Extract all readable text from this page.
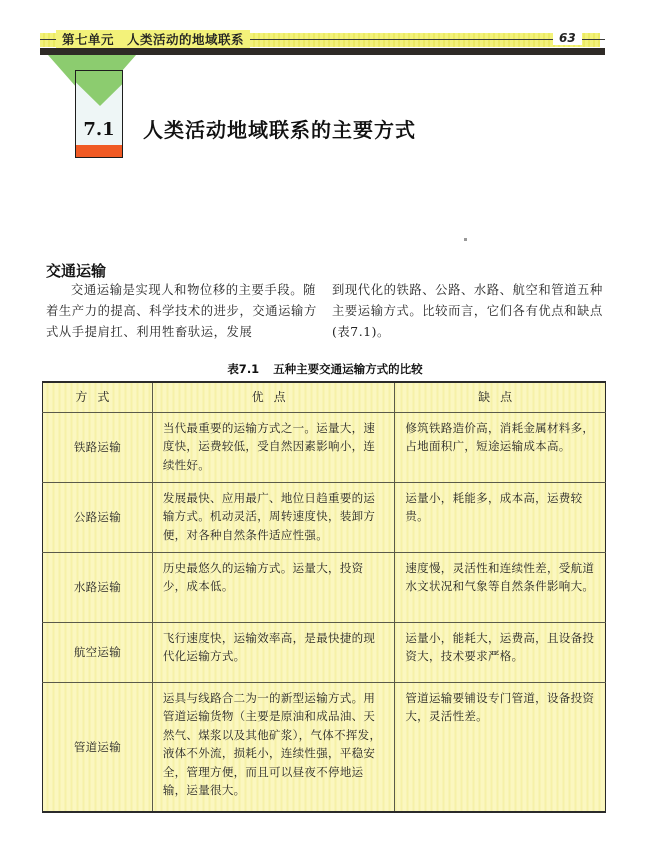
第七单元　人类活动的地域联系	63
7.1	人类活动地域联系的主要方式
交通运输
交通运输是实现人和物位移的主要手段。随着生产力的提高、科学技术的进步，交通运输方式从手提肩扛、利用牲畜驮运，发展
到现代化的铁路、公路、水路、航空和管道五种主要运输方式。比较而言，它们各有优点和缺点(表7.1)。
表7.1 五种主要交通运输方式的比较
方式	优点	缺点
铁路运输	当代最重要的运输方式之一。运量大，速度快，运费较低，受自然因素影响小，连续性好。	修筑铁路造价高，消耗金属材料多，占地面积广，短途运输成本高。
公路运输	发展最快、应用最广、地位日趋重要的运输方式。机动灵活，周转速度快，装卸方便，对各种自然条件适应性强。	运量小，耗能多，成本高，运费较贵。
水路运输	历史最悠久的运输方式。运量大，投资少，成本低。	速度慢，灵活性和连续性差，受航道水文状况和气象等自然条件影响大。
航空运输	飞行速度快，运输效率高，是最快捷的现代化运输方式。	运量小，能耗大，运费高，且设备投资大，技术要求严格。
管道运输	运具与线路合二为一的新型运输方式。用管道运输货物（主要是原油和成品油、天然气、煤浆以及其他矿浆），气体不挥发，液体不外流，损耗小，连续性强，平稳安全，管理方便，而且可以昼夜不停地运输，运量很大。	管道运输要铺设专门管道，设备投资大，灵活性差。
